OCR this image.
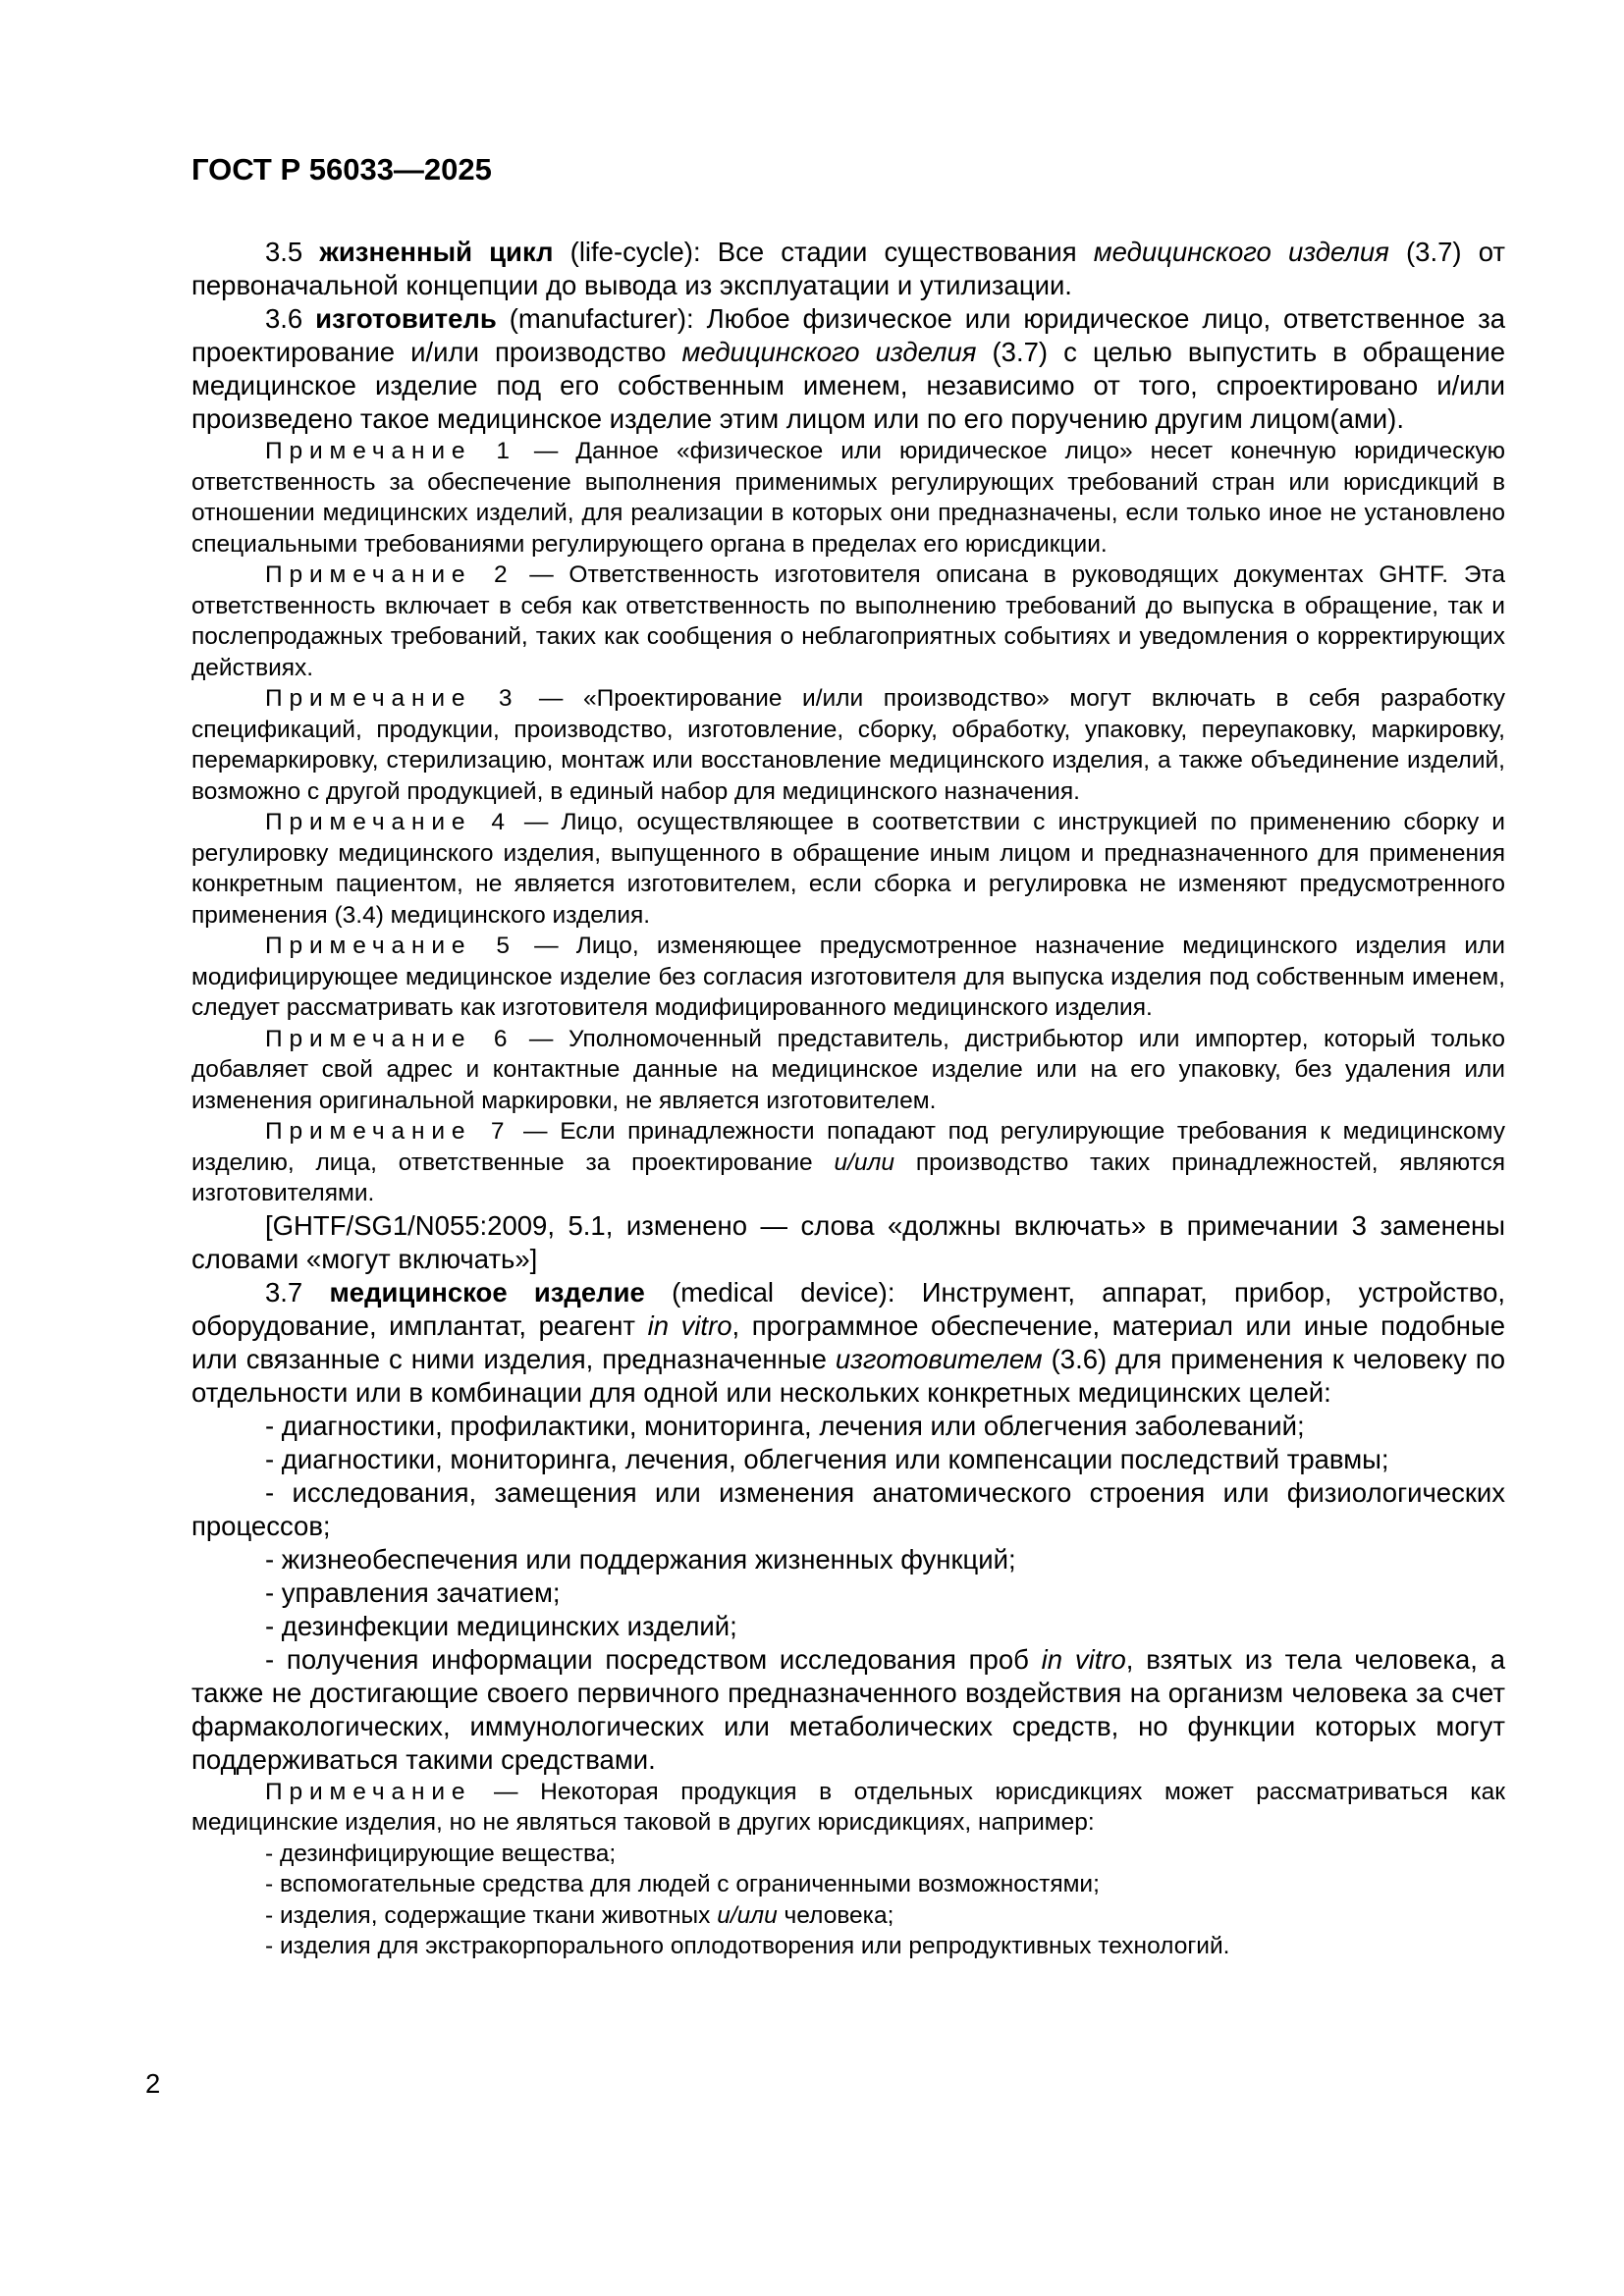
ГОСТ Р 56033—2025

3.5 жизненный цикл (life-cycle): Все стадии существования медицинского изделия (3.7) от первоначальной концепции до вывода из эксплуатации и утилизации.

3.6 изготовитель (manufacturer): Любое физическое или юридическое лицо, ответственное за проектирование и/или производство медицинского изделия (3.7) с целью выпустить в обращение медицинское изделие под его собственным именем, независимо от того, спроектировано и/или произведено такое медицинское изделие этим лицом или по его поручению другим лицом(ами).

Примечание 1 — Данное «физическое или юридическое лицо» несет конечную юридическую ответственность за обеспечение выполнения применимых регулирующих требований стран или юрисдикций в отношении медицинских изделий, для реализации в которых они предназначены, если только иное не установлено специальными требованиями регулирующего органа в пределах его юрисдикции.

Примечание 2 — Ответственность изготовителя описана в руководящих документах GHTF. Эта ответственность включает в себя как ответственность по выполнению требований до выпуска в обращение, так и послепродажных требований, таких как сообщения о неблагоприятных событиях и уведомления о корректирующих действиях.

Примечание 3 — «Проектирование и/или производство» могут включать в себя разработку спецификаций, продукции, производство, изготовление, сборку, обработку, упаковку, переупаковку, маркировку, перемаркировку, стерилизацию, монтаж или восстановление медицинского изделия, а также объединение изделий, возможно с другой продукцией, в единый набор для медицинского назначения.

Примечание 4 — Лицо, осуществляющее в соответствии с инструкцией по применению сборку и регулировку медицинского изделия, выпущенного в обращение иным лицом и предназначенного для применения конкретным пациентом, не является изготовителем, если сборка и регулировка не изменяют предусмотренного применения (3.4) медицинского изделия.

Примечание 5 — Лицо, изменяющее предусмотренное назначение медицинского изделия или модифицирующее медицинское изделие без согласия изготовителя для выпуска изделия под собственным именем, следует рассматривать как изготовителя модифицированного медицинского изделия.

Примечание 6 — Уполномоченный представитель, дистрибьютор или импортер, который только добавляет свой адрес и контактные данные на медицинское изделие или на его упаковку, без удаления или изменения оригинальной маркировки, не является изготовителем.

Примечание 7 — Если принадлежности попадают под регулирующие требования к медицинскому изделию, лица, ответственные за проектирование и/или производство таких принадлежностей, являются изготовителями.

[GHTF/SG1/N055:2009, 5.1, изменено — слова «должны включать» в примечании 3 заменены словами «могут включать»]

3.7 медицинское изделие (medical device): Инструмент, аппарат, прибор, устройство, оборудование, имплантат, реагент in vitro, программное обеспечение, материал или иные подобные или связанные с ними изделия, предназначенные изготовителем (3.6) для применения к человеку по отдельности или в комбинации для одной или нескольких конкретных медицинских целей:

- диагностики, профилактики, мониторинга, лечения или облегчения заболеваний;

- диагностики, мониторинга, лечения, облегчения или компенсации последствий травмы;

- исследования, замещения или изменения анатомического строения или физиологических процессов;

- жизнеобеспечения или поддержания жизненных функций;

- управления зачатием;

- дезинфекции медицинских изделий;

- получения информации посредством исследования проб in vitro, взятых из тела человека, а также не достигающие своего первичного предназначенного воздействия на организм человека за счет фармакологических, иммунологических или метаболических средств, но функции которых могут поддерживаться такими средствами.

Примечание — Некоторая продукция в отдельных юрисдикциях может рассматриваться как медицинские изделия, но не являться таковой в других юрисдикциях, например:

- дезинфицирующие вещества;

- вспомогательные средства для людей с ограниченными возможностями;

- изделия, содержащие ткани животных и/или человека;

- изделия для экстракорпорального оплодотворения или репродуктивных технологий.

2
